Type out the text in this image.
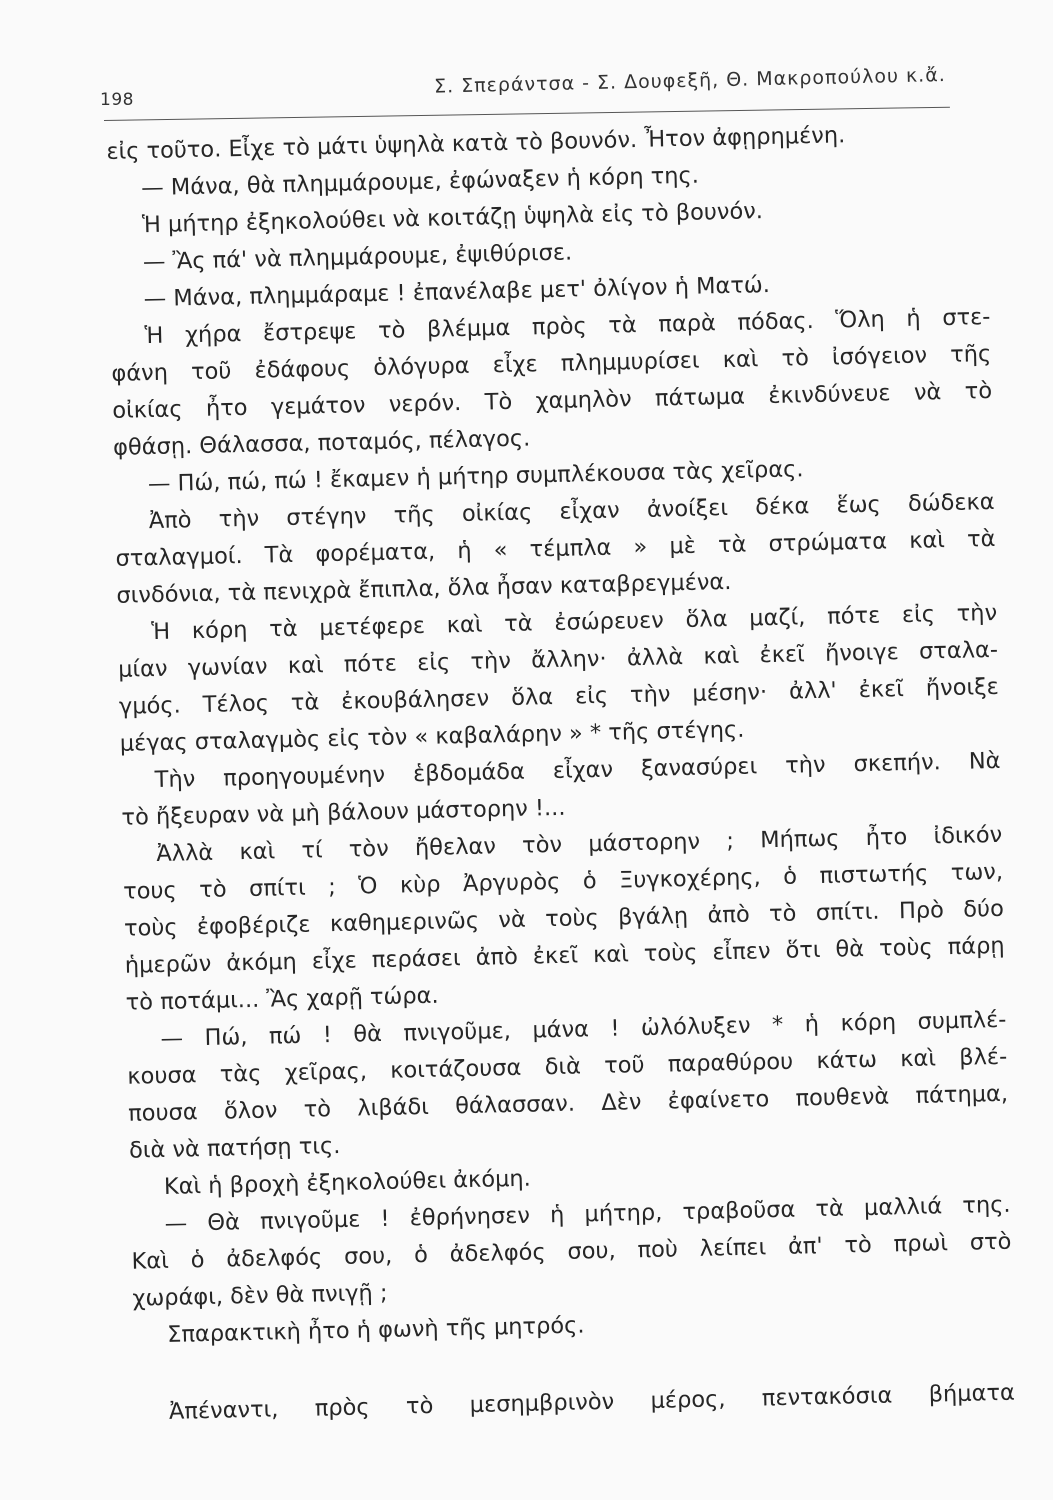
198
Σ. Σπεράντσα - Σ. Δουφεξῆ, Θ. Μακροπούλου κ.ἄ.
εἰς τοῦτο. Εἶχε τὸ μάτι ὑψηλὰ κατὰ τὸ βουνόν. Ἦτον ἀφῃρημένη.
— Μάνα, θὰ πλημμάρουμε, ἐφώναξεν ἡ κόρη της.
Ἡ μήτηρ ἐξηκολούθει νὰ κοιτάζῃ ὑψηλὰ εἰς τὸ βουνόν.
— Ἂς πά' νὰ πλημμάρουμε, ἐψιθύρισε.
— Μάνα, πλημμάραμε ! ἐπανέλαβε μετ' ὀλίγον ἡ Ματώ.
Ἡ χήρα ἔστρεψε τὸ βλέμμα πρὸς τὰ παρὰ πόδας. Ὅλη ἡ στε-
φάνη τοῦ ἐδάφους ὁλόγυρα εἶχε πλημμυρίσει καὶ τὸ ἰσόγειον τῆς
οἰκίας ἦτο γεμάτον νερόν. Τὸ χαμηλὸν πάτωμα ἐκινδύνευε νὰ τὸ
φθάσῃ. Θάλασσα, ποταμός, πέλαγος.
— Πώ, πώ, πώ ! ἔκαμεν ἡ μήτηρ συμπλέκουσα τὰς χεῖρας.
Ἀπὸ τὴν στέγην τῆς οἰκίας εἶχαν ἀνοίξει δέκα ἕως δώδεκα
σταλαγμοί. Τὰ φορέματα, ἡ « τέμπλα » μὲ τὰ στρώματα καὶ τὰ
σινδόνια, τὰ πενιχρὰ ἔπιπλα, ὅλα ἦσαν καταβρεγμένα.
Ἡ κόρη τὰ μετέφερε καὶ τὰ ἐσώρευεν ὅλα μαζί, πότε εἰς τὴν
μίαν γωνίαν καὶ πότε εἰς τὴν ἄλλην· ἀλλὰ καὶ ἐκεῖ ἤνοιγε σταλα-
γμός. Τέλος τὰ ἐκουβάλησεν ὅλα εἰς τὴν μέσην· ἀλλ' ἐκεῖ ἤνοιξε
μέγας σταλαγμὸς εἰς τὸν « καβαλάρην » * τῆς στέγης.
Τὴν προηγουμένην ἑβδομάδα εἶχαν ξανασύρει τὴν σκεπήν. Νὰ
τὸ ἤξευραν νὰ μὴ βάλουν μάστορην !...
Ἀλλὰ καὶ τί τὸν ἤθελαν τὸν μάστορην ; Μήπως ἦτο ἰδικόν
τους τὸ σπίτι ; Ὁ κὺρ Ἀργυρὸς ὁ Ξυγκοχέρης, ὁ πιστωτής των,
τοὺς ἐφοβέριζε καθημερινῶς νὰ τοὺς βγάλῃ ἀπὸ τὸ σπίτι. Πρὸ δύο
ἡμερῶν ἀκόμη εἶχε περάσει ἀπὸ ἐκεῖ καὶ τοὺς εἶπεν ὅτι θὰ τοὺς πάρῃ
τὸ ποτάμι... Ἂς χαρῇ τώρα.
— Πώ, πώ ! θὰ πνιγοῦμε, μάνα ! ὠλόλυξεν * ἡ κόρη συμπλέ-
κουσα τὰς χεῖρας, κοιτάζουσα διὰ τοῦ παραθύρου κάτω καὶ βλέ-
πουσα ὅλον τὸ λιβάδι θάλασσαν. Δὲν ἐφαίνετο πουθενὰ πάτημα,
διὰ νὰ πατήσῃ τις.
Καὶ ἡ βροχὴ ἐξηκολούθει ἀκόμη.
— Θὰ πνιγοῦμε ! ἐθρήνησεν ἡ μήτηρ, τραβοῦσα τὰ μαλλιά της.
Καὶ ὁ ἀδελφός σου, ὁ ἀδελφός σου, ποὺ λείπει ἀπ' τὸ πρωὶ στὸ
χωράφι, δὲν θὰ πνιγῇ ;
Σπαρακτικὴ ἦτο ἡ φωνὴ τῆς μητρός.
Ἀπέναντι, πρὸς τὸ μεσημβρινὸν μέρος, πεντακόσια βήματα
